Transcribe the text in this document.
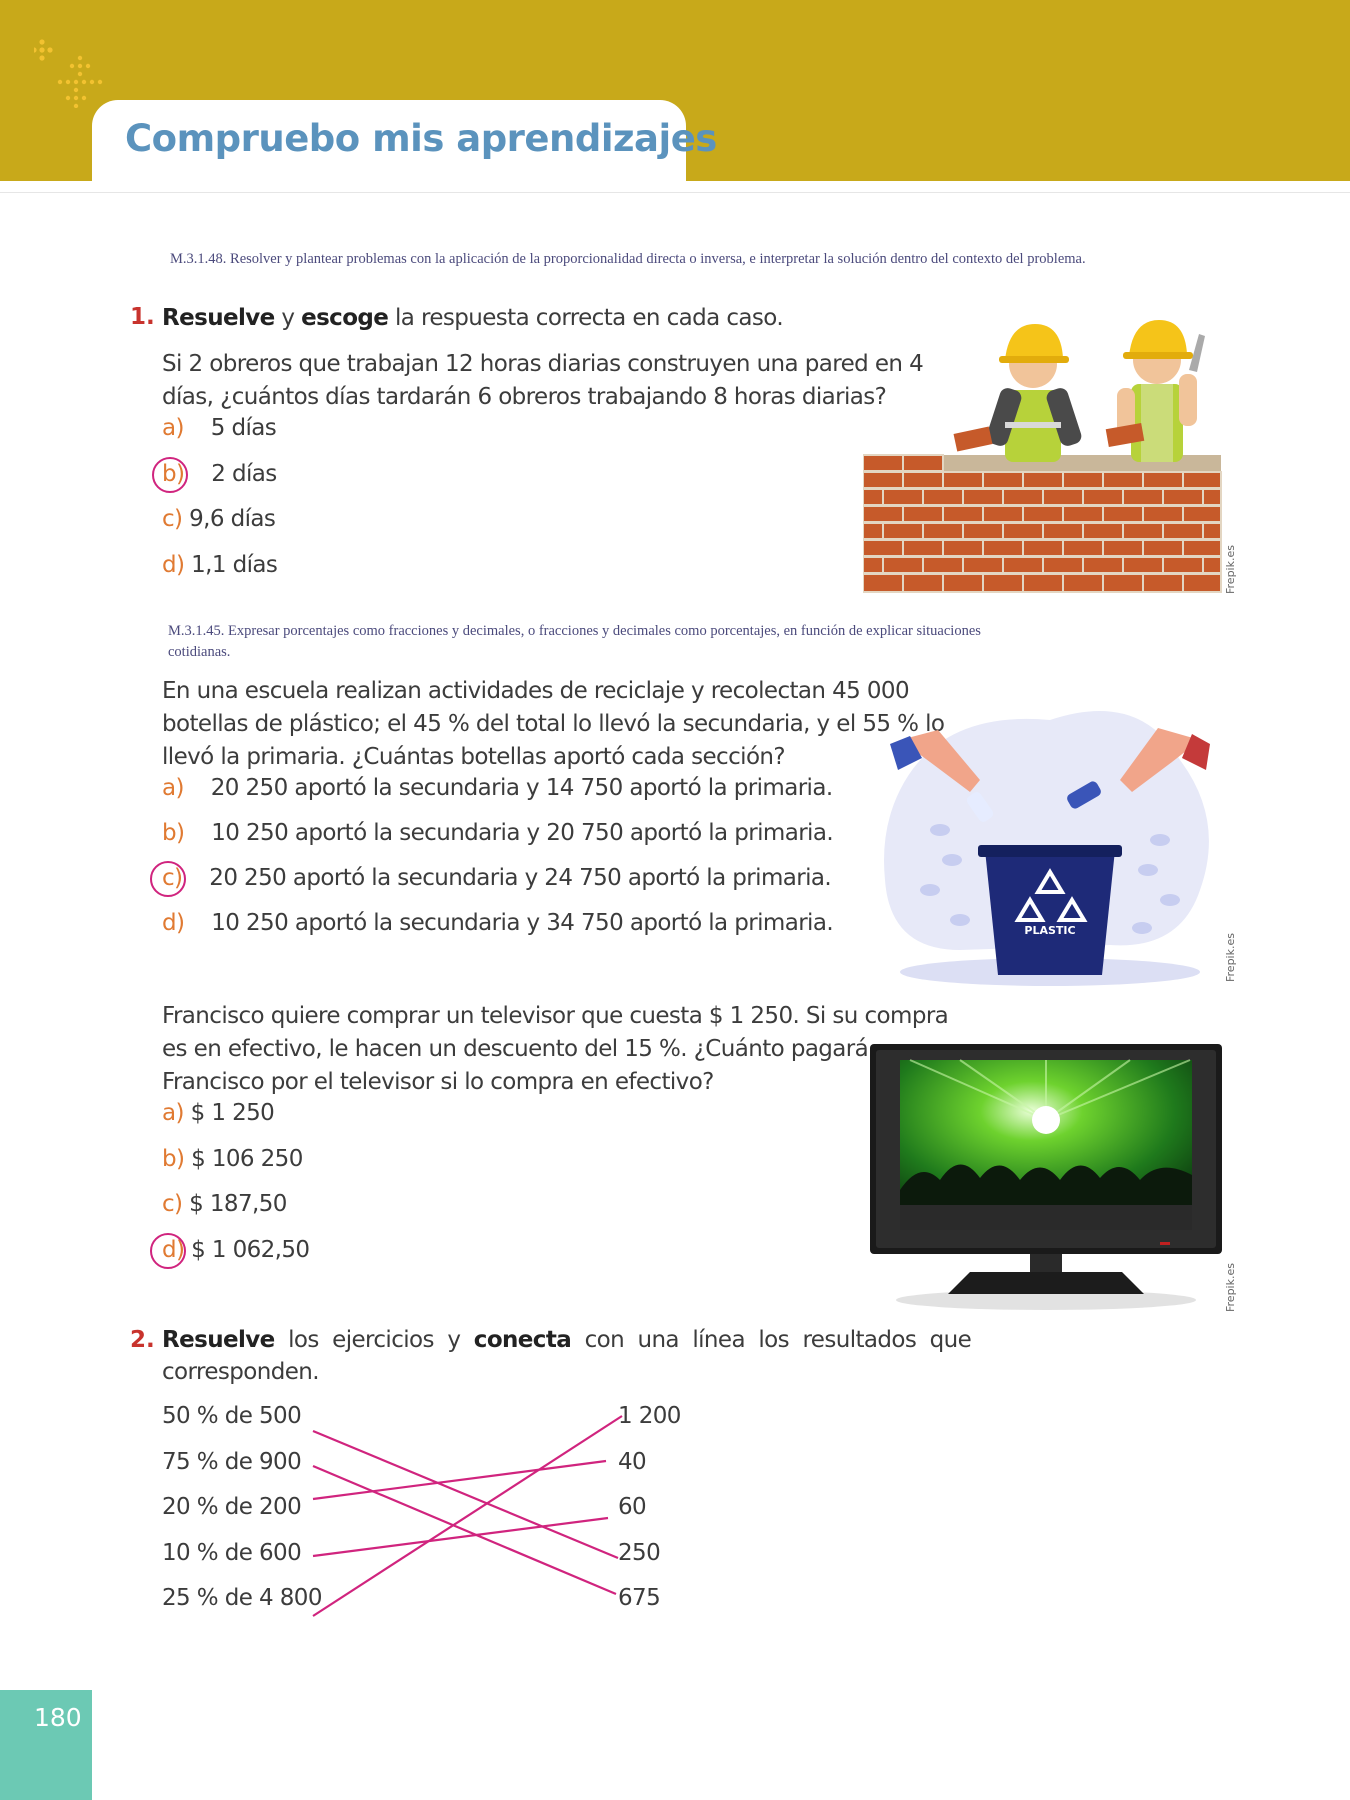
Compruebo mis aprendizajes
M.3.1.48. Resolver y plantear problemas con la aplicación de la proporcionalidad directa o inversa, e interpretar la solución dentro del contexto del problema.
1. Resuelve y escoge la respuesta correcta en cada caso.
Si 2 obreros que trabajan 12 horas diarias construyen una pared en 4
días, ¿cuántos días tardarán 6 obreros trabajando 8 horas diarias?
a) 5 días
b) 2 días
c) 9,6 días
d) 1,1 días	Frepik.es
M.3.1.45. Expresar porcentajes como fracciones y decimales, o fracciones y decimales como porcentajes, en función de explicar situaciones cotidianas.
En una escuela realizan actividades de reciclaje y recolectan 45 000
botellas de plástico; el 45 % del total lo llevó la secundaria, y el 55 % lo
llevó la primaria. ¿Cuántas botellas aportó cada sección?
a) 20 250 aportó la secundaria y 14 750 aportó la primaria.
b) 10 250 aportó la secundaria y 20 750 aportó la primaria.
c) 20 250 aportó la secundaria y 24 750 aportó la primaria.
d) 10 250 aportó la secundaria y 34 750 aportó la primaria.	PLASTIC
Frepik.es
Francisco quiere comprar un televisor que cuesta $ 1 250. Si su compra
es en efectivo, le hacen un descuento del 15 %. ¿Cuánto pagará
Francisco por el televisor si lo compra en efectivo?
a) $ 1 250
b) $ 106 250
c) $ 187,50
d) $ 1 062,50
Frepik.es
2. Resuelve  los  ejercicios  y  conecta  con  una  línea  los  resultados  que
corresponden.
50 % de 500
75 % de 900
20 % de 200
10 % de 600
25 % de 4 800
1 200
40
60
250
675
180
